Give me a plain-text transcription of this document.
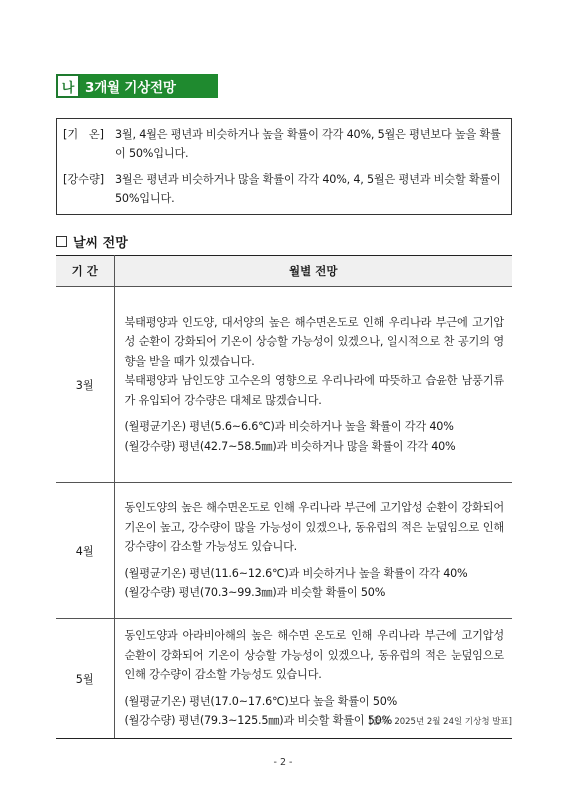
나 3개월 기상전망
[기   온] 3월, 4월은 평년과 비슷하거나 높을 확률이 각각 40%, 5월은 평년보다 높을 확률이 50%입니다.
[강수량] 3월은 평년과 비슷하거나 많을 확률이 각각 40%, 4, 5월은 평년과 비슷할 확률이 50%입니다.
날씨 전망
기 간	월별 전망
3월	북태평양과 인도양, 대서양의 높은 해수면온도로 인해 우리나라 부근에 고기압성 순환이 강화되어 기온이 상승할 가능성이 있겠으나, 일시적으로 찬 공기의 영향을 받을 때가 있겠습니다.
북태평양과 남인도양 고수온의 영향으로 우리나라에 따뜻하고 습윤한 남풍기류가 유입되어 강수량은 대체로 많겠습니다.
(월평균기온) 평년(5.6~6.6℃)과 비슷하거나 높을 확률이 각각 40%
(월강수량) 평년(42.7~58.5㎜)과 비슷하거나 많을 확률이 각각 40%

4월	동인도양의 높은 해수면온도로 인해 우리나라 부근에 고기압성 순환이 강화되어 기온이 높고, 강수량이 많을 가능성이 있겠으나, 동유럽의 적은 눈덮임으로 인해 강수량이 감소할 가능성도 있습니다.
(월평균기온) 평년(11.6~12.6℃)과 비슷하거나 높을 확률이 각각 40%
(월강수량) 평년(70.3~99.3㎜)과 비슷할 확률이 50%

5월	동인도양과 아라비아해의 높은 해수면 온도로 인해 우리나라 부근에 고기압성 순환이 강화되어 기온이 상승할 가능성이 있겠으나, 동유럽의 적은 눈덮임으로 인해 강수량이 감소할 가능성도 있습니다.
(월평균기온) 평년(17.0~17.6℃)보다 높을 확률이 50%
(월강수량) 평년(79.3~125.5㎜)과 비슷할 확률이 50%
[출처: 2025년 2월 24일 기상청 발표]
- 2 -
